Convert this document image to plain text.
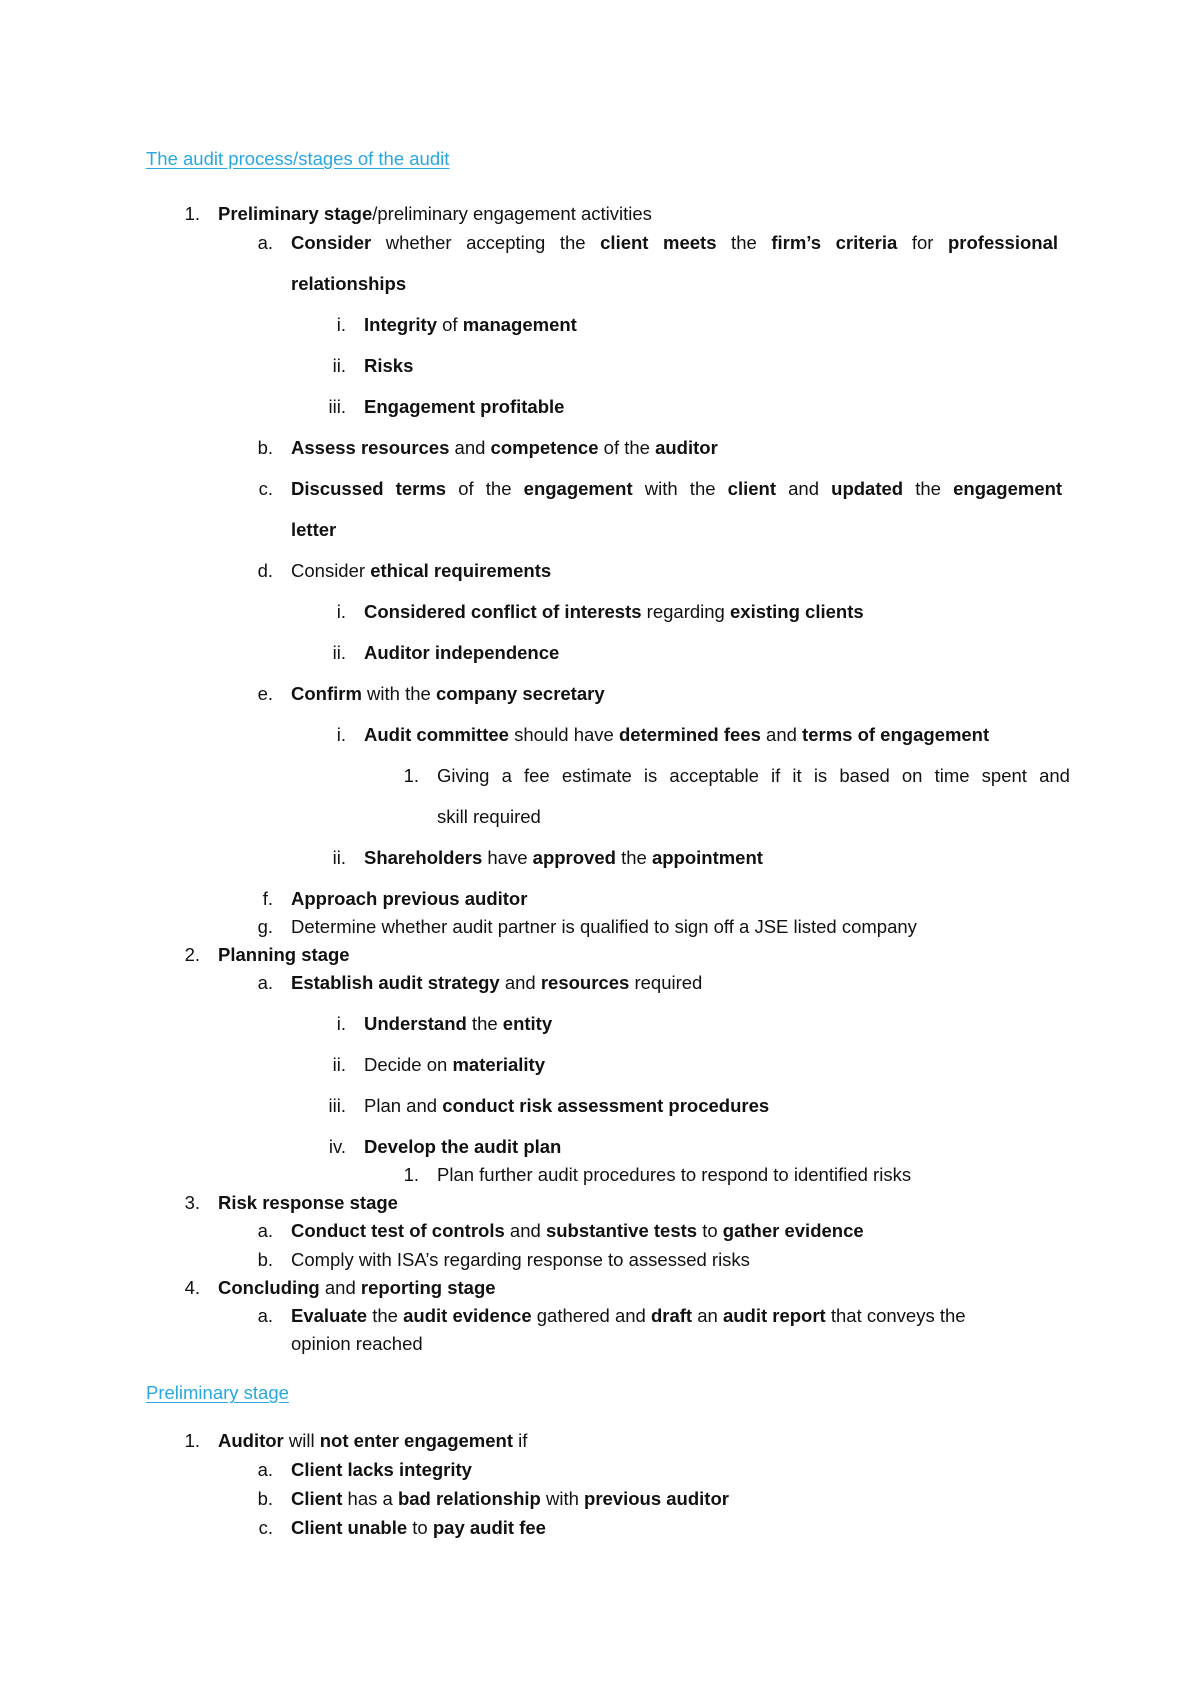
The audit process/stages of the audit
1. Preliminary stage/preliminary engagement activities
a. Consider whether accepting the client meets the firm’s criteria for professional
relationships
i. Integrity of management
ii. Risks
iii. Engagement profitable
b. Assess resources and competence of the auditor
c. Discussed terms of the engagement with the client and updated the engagement
letter
d. Consider ethical requirements
i. Considered conflict of interests regarding existing clients
ii. Auditor independence
e. Confirm with the company secretary
i. Audit committee should have determined fees and terms of engagement
1. Giving a fee estimate is acceptable if it is based on time spent and
skill required
ii. Shareholders have approved the appointment
f. Approach previous auditor
g. Determine whether audit partner is qualified to sign off a JSE listed company
2. Planning stage
a. Establish audit strategy and resources required
i. Understand the entity
ii. Decide on materiality
iii. Plan and conduct risk assessment procedures
iv. Develop the audit plan
1. Plan further audit procedures to respond to identified risks
3. Risk response stage
a. Conduct test of controls and substantive tests to gather evidence
b. Comply with ISA’s regarding response to assessed risks
4. Concluding and reporting stage
a. Evaluate the audit evidence gathered and draft an audit report that conveys the
opinion reached
Preliminary stage
1. Auditor will not enter engagement if
a. Client lacks integrity
b. Client has a bad relationship with previous auditor
c. Client unable to pay audit fee
